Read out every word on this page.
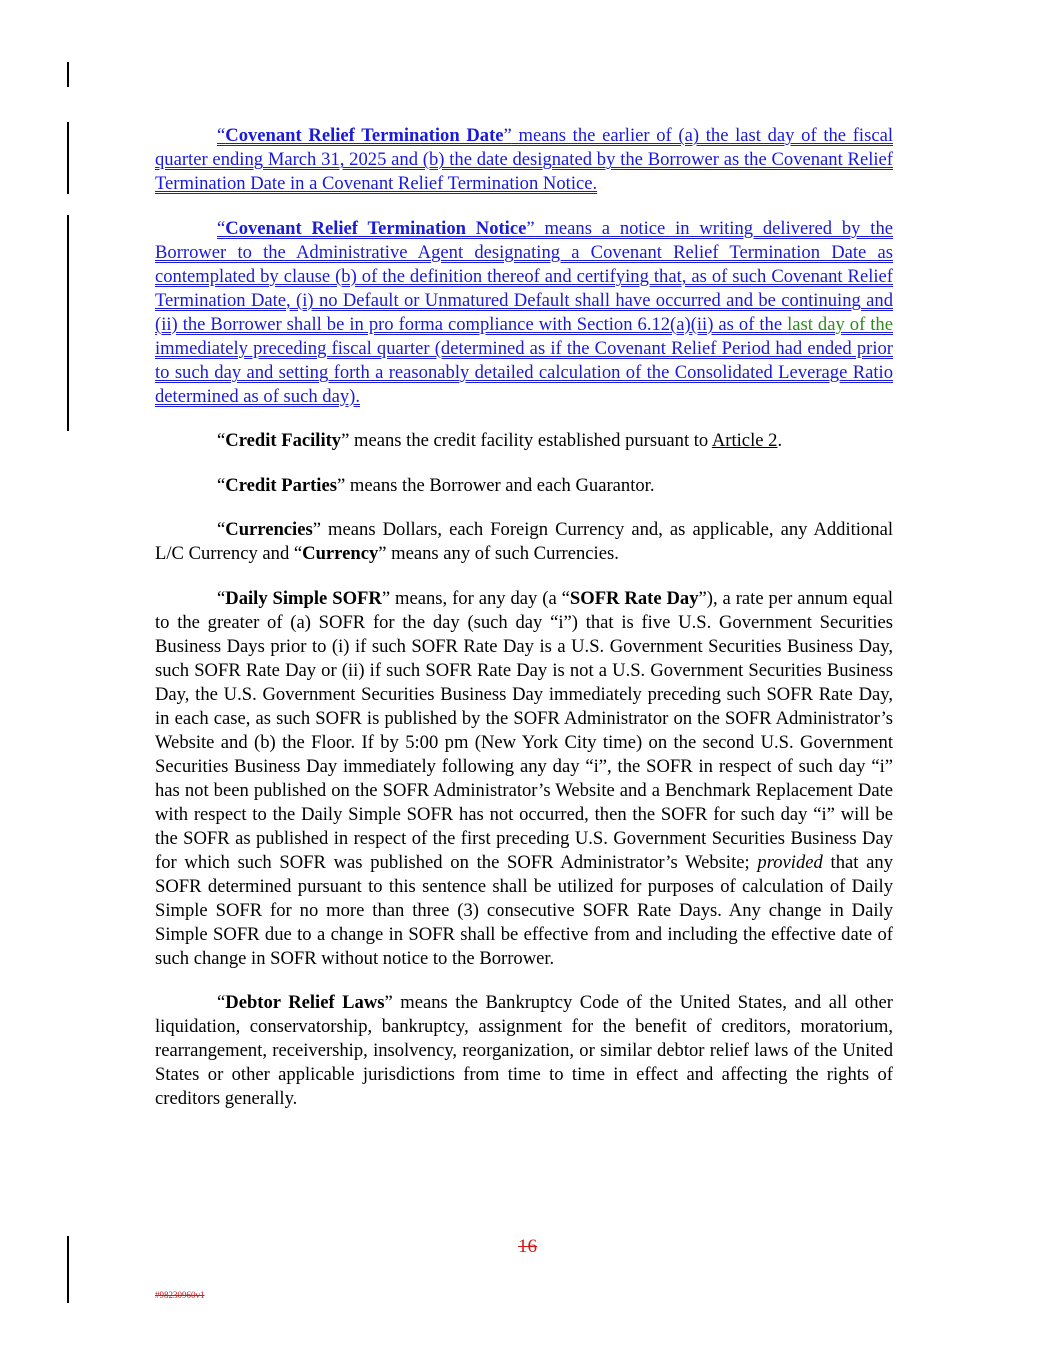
“Covenant Relief Termination Date” means the earlier of (a) the last day of the fiscal quarter ending March 31, 2025 and (b) the date designated by the Borrower as the Covenant Relief Termination Date in a Covenant Relief Termination Notice.

“Covenant Relief Termination Notice” means a notice in writing delivered by the Borrower to the Administrative Agent designating a Covenant Relief Termination Date as contemplated by clause (b) of the definition thereof and certifying that, as of such Covenant Relief Termination Date, (i) no Default or Unmatured Default shall have occurred and be continuing and (ii) the Borrower shall be in pro forma compliance with Section 6.12(a)(ii) as of the last day of the immediately preceding fiscal quarter (determined as if the Covenant Relief Period had ended prior to such day and setting forth a reasonably detailed calculation of the Consolidated Leverage Ratio determined as of such day).

“Credit Facility” means the credit facility established pursuant to Article 2.

“Credit Parties” means the Borrower and each Guarantor.

“Currencies” means Dollars, each Foreign Currency and, as applicable, any Additional L/C Currency and “Currency” means any of such Currencies.

“Daily Simple SOFR” means, for any day (a “SOFR Rate Day”), a rate per annum equal to the greater of (a) SOFR for the day (such day “i”) that is five U.S. Government Securities Business Days prior to (i) if such SOFR Rate Day is a U.S. Government Securities Business Day, such SOFR Rate Day or (ii) if such SOFR Rate Day is not a U.S. Government Securities Business Day, the U.S. Government Securities Business Day immediately preceding such SOFR Rate Day, in each case, as such SOFR is published by the SOFR Administrator on the SOFR Administrator’s Website and (b) the Floor. If by 5:00 pm (New York City time) on the second U.S. Government Securities Business Day immediately following any day “i”, the SOFR in respect of such day “i” has not been published on the SOFR Administrator’s Website and a Benchmark Replacement Date with respect to the Daily Simple SOFR has not occurred, then the SOFR for such day “i” will be the SOFR as published in respect of the first preceding U.S. Government Securities Business Day for which such SOFR was published on the SOFR Administrator’s Website; provided that any SOFR determined pursuant to this sentence shall be utilized for purposes of calculation of Daily Simple SOFR for no more than three (3) consecutive SOFR Rate Days. Any change in Daily Simple SOFR due to a change in SOFR shall be effective from and including the effective date of such change in SOFR without notice to the Borrower.

“Debtor Relief Laws” means the Bankruptcy Code of the United States, and all other liquidation, conservatorship, bankruptcy, assignment for the benefit of creditors, moratorium, rearrangement, receivership, insolvency, reorganization, or similar debtor relief laws of the United States or other applicable jurisdictions from time to time in effect and affecting the rights of creditors generally.

16
#98230960v1
